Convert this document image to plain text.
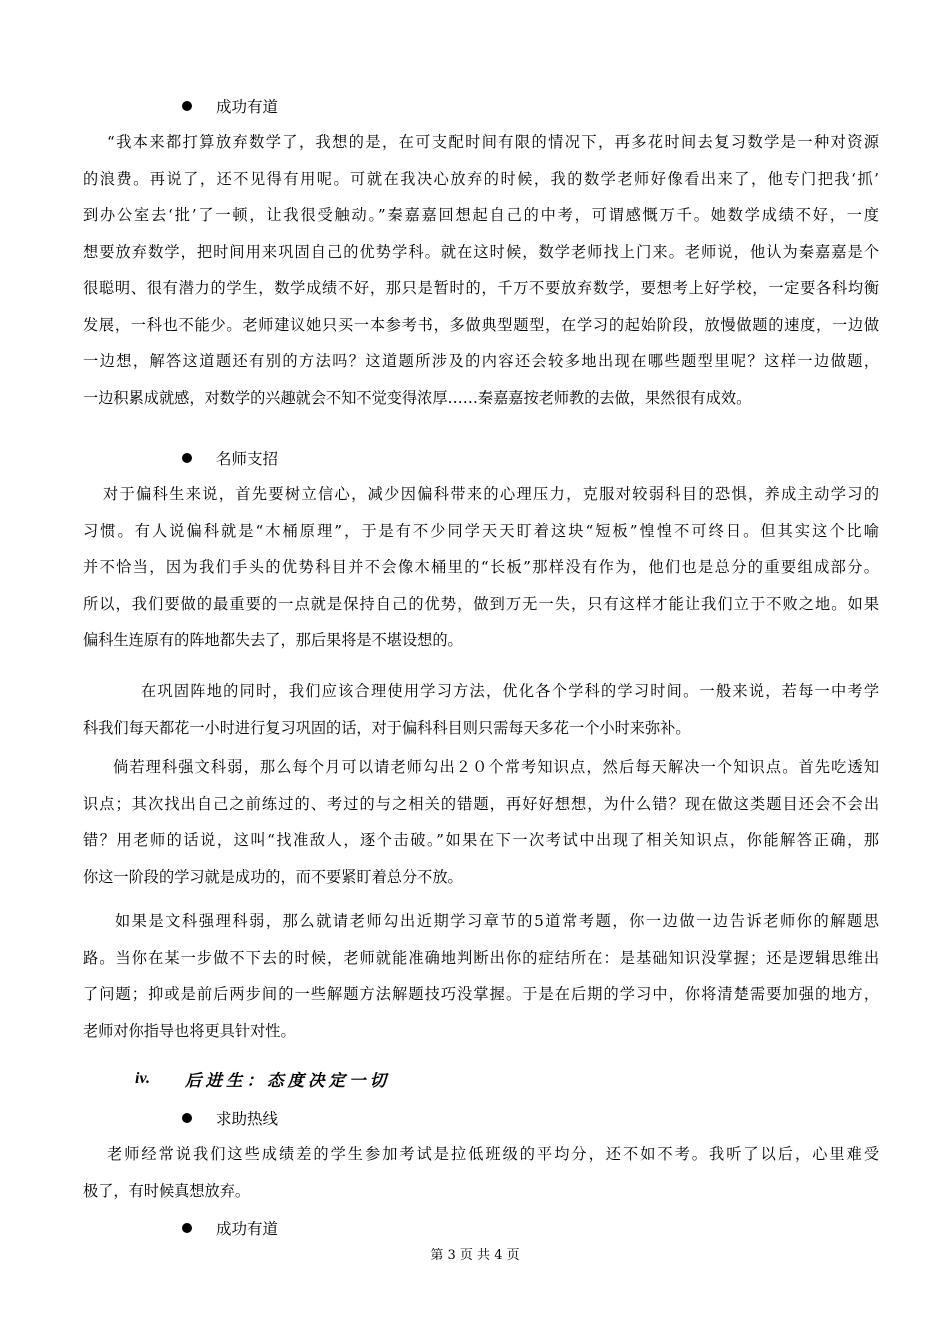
成功有道
“我本来都打算放弃数学了，我想的是，在可支配时间有限的情况下，再多花时间去复习数学是一种对资源
的浪费。再说了，还不见得有用呢。可就在我决心放弃的时候，我的数学老师好像看出来了，他专门把我‘抓’
到办公室去‘批’了一顿，让我很受触动。”秦嘉嘉回想起自己的中考，可谓感慨万千。她数学成绩不好，一度
想要放弃数学，把时间用来巩固自己的优势学科。就在这时候，数学老师找上门来。老师说，他认为秦嘉嘉是个
很聪明、很有潜力的学生，数学成绩不好，那只是暂时的，千万不要放弃数学，要想考上好学校，一定要各科均衡
发展，一科也不能少。老师建议她只买一本参考书，多做典型题型，在学习的起始阶段，放慢做题的速度，一边做
一边想，解答这道题还有别的方法吗？这道题所涉及的内容还会较多地出现在哪些题型里呢？这样一边做题，
一边积累成就感，对数学的兴趣就会不知不觉变得浓厚……秦嘉嘉按老师教的去做，果然很有成效。
名师支招
对于偏科生来说，首先要树立信心，减少因偏科带来的心理压力，克服对较弱科目的恐惧，养成主动学习的
习惯。有人说偏科就是“木桶原理”，于是有不少同学天天盯着这块“短板”惶惶不可终日。但其实这个比喻
并不恰当，因为我们手头的优势科目并不会像木桶里的“长板”那样没有作为，他们也是总分的重要组成部分。
所以，我们要做的最重要的一点就是保持自己的优势，做到万无一失，只有这样才能让我们立于不败之地。如果
偏科生连原有的阵地都失去了，那后果将是不堪设想的。
在巩固阵地的同时，我们应该合理使用学习方法，优化各个学科的学习时间。一般来说，若每一中考学
科我们每天都花一小时进行复习巩固的话，对于偏科科目则只需每天多花一个小时来弥补。
倘若理科强文科弱，那么每个月可以请老师勾出２０个常考知识点，然后每天解决一个知识点。首先吃透知
识点；其次找出自己之前练过的、考过的与之相关的错题，再好好想想，为什么错？现在做这类题目还会不会出
错？用老师的话说，这叫“找准敌人，逐个击破。”如果在下一次考试中出现了相关知识点，你能解答正确，那
你这一阶段的学习就是成功的，而不要紧盯着总分不放。
如果是文科强理科弱，那么就请老师勾出近期学习章节的5道常考题，你一边做一边告诉老师你的解题思
路。当你在某一步做不下去的时候，老师就能准确地判断出你的症结所在：是基础知识没掌握；还是逻辑思维出
了问题；抑或是前后两步间的一些解题方法解题技巧没掌握。于是在后期的学习中，你将清楚需要加强的地方，
老师对你指导也将更具针对性。
iv.	后进生：态度决定一切
求助热线
老师经常说我们这些成绩差的学生参加考试是拉低班级的平均分，还不如不考。我听了以后，心里难受
极了，有时候真想放弃。
成功有道
第 3 页 共 4 页
